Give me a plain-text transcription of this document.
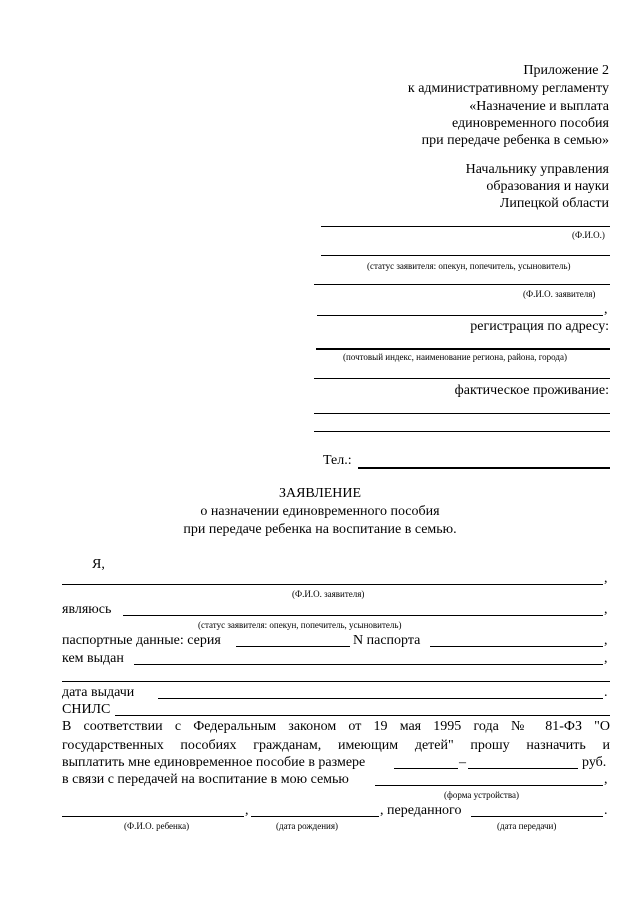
Приложение 2
к административному регламенту
«Назначение и выплата
единовременного пособия
при передаче ребенка в семью»
Начальнику управления
образования и науки
Липецкой области
(Ф.И.О.)
(статус заявителя: опекун, попечитель, усыновитель)
(Ф.И.О. заявителя)
,
регистрация по адресу:
(почтовый индекс, наименование региона, района, города)
фактическое проживание:
Тел.:
ЗАЯВЛЕНИЕ
о назначении единовременного пособия
при передаче ребенка на воспитание в семью.
Я,
,
(Ф.И.О. заявителя)
являюсь	,
(статус заявителя: опекун, попечитель, усыновитель)
паспортные данные: серия	N паспорта	,
кем выдан	,
дата выдачи	.
СНИЛС
В соответствии с Федеральным законом от 19 мая 1995 года № 81-ФЗ "О
государственных пособиях гражданам, имеющим детей" прошу назначить и
выплатить мне единовременное пособие в размере	–	руб.
в связи с передачей на воспитание в мою семью	,
(форма устройства)
,	, переданного	.
(Ф.И.О. ребенка)	(дата рождения)	(дата передачи)
